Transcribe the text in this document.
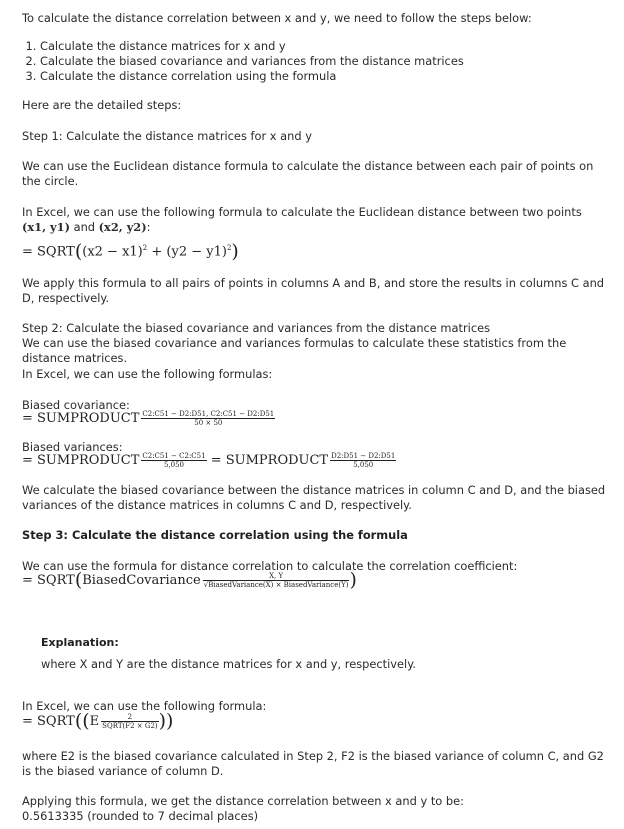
To calculate the distance correlation between x and y, we need to follow the steps below:
1. Calculate the distance matrices for x and y
2. Calculate the biased covariance and variances from the distance matrices
3. Calculate the distance correlation using the formula
Here are the detailed steps:
Step 1: Calculate the distance matrices for x and y
We can use the Euclidean distance formula to calculate the distance between each pair of points on the circle.
In Excel, we can use the following formula to calculate the Euclidean distance between two points (x1, y1) and (x2, y2):
= SQRT((x2 − $x1)^2 + (y2 - y1)^2$)
We apply this formula to all pairs of points in columns A and B, and store the results in columns C and D, respectively.
Step 2: Calculate the biased covariance and variances from the distance matrices
We can use the biased covariance and variances formulas to calculate these statistics from the distance matrices.
In Excel, we can use the following formulas:
Biased covariance:
= SUMPRODUCT $\frac{C2:C51 - D2:D51, C2:C51 - D2:D51}{50 \times 50}$
Biased variances:
= SUMPRODUCT $\frac{C2:C51 - C2:C51}{5,050}$ = SUMPRODUCT $\frac{D2:D51 - D2:D51}{5,050}$
We calculate the biased covariance between the distance matrices in column C and D, and the biased variances of the distance matrices in columns C and D, respectively.
Step 3: Calculate the distance correlation using the formula
We can use the formula for distance correlation to calculate the correlation coefficient:
= SQRT(BiasedCovariance $\frac{X, Y}{\text{√BiasedVariance(X) × BiasedVariance(Y)}}$ )
Explanation:
where X and Y are the distance matrices for x and y, respectively.
In Excel, we can use the following formula:
= SQRT((E $\frac{2}{\text{SQRT(F2 × G2)}}$ ))
where E2 is the biased covariance calculated in Step 2, F2 is the biased variance of column C, and G2 is the biased variance of column D.
Applying this formula, we get the distance correlation between x and y to be:
0.5613335 (rounded to 7 decimal places)
